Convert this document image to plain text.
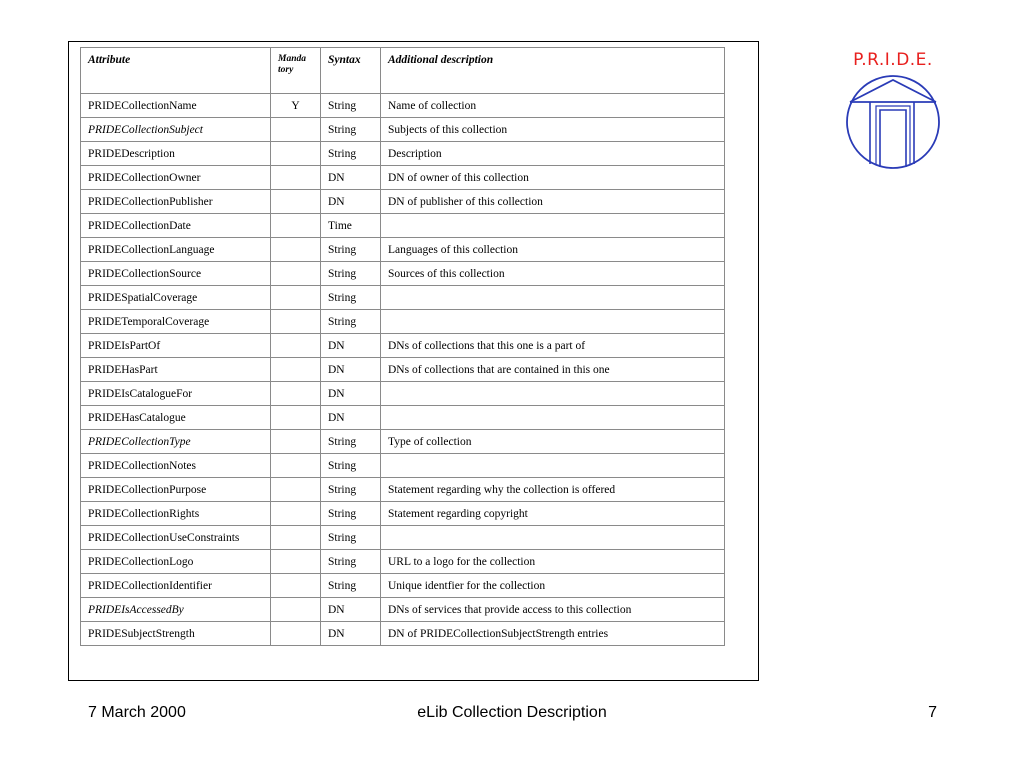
Attribute	Manda tory	Syntax	Additional description
PRIDECollectionName	Y	String	Name of collection
PRIDECollectionSubject		String	Subjects of this collection
PRIDEDescription		String	Description
PRIDECollectionOwner		DN	DN of owner of this collection
PRIDECollectionPublisher		DN	DN of publisher of this collection
PRIDECollectionDate		Time	
PRIDECollectionLanguage		String	Languages of this collection
PRIDECollectionSource		String	Sources of this collection
PRIDESpatialCoverage		String	
PRIDETemporalCoverage		String	
PRIDEIsPartOf		DN	DNs of collections that this one is a part of
PRIDEHasPart		DN	DNs of collections that are contained in this one
PRIDEIsCatalogueFor		DN	
PRIDEHasCatalogue		DN	
PRIDECollectionType		String	Type of collection
PRIDECollectionNotes		String	
PRIDECollectionPurpose		String	Statement regarding why the collection is offered
PRIDECollectionRights		String	Statement regarding copyright
PRIDECollectionUseConstraints		String	
PRIDECollectionLogo		String	URL to a logo for the collection
PRIDECollectionIdentifier		String	Unique identfier for the collection
PRIDEIsAccessedBy		DN	DNs of services that provide access to this collection
PRIDESubjectStrength		DN	DN of PRIDECollectionSubjectStrength entries
P.R.I.D.E.
7 March 2000	eLib Collection Description	7
